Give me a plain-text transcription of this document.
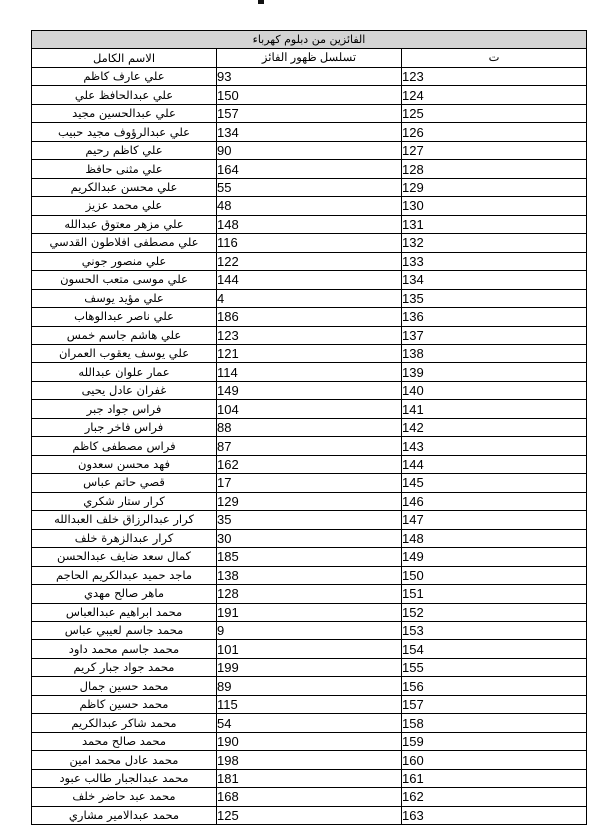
الفائزين من دبلوم كهرباء		
ت	تسلسل ظهور الفائز	الاسم الكامل
123	93	علي عارف كاظم
124	150	علي عبدالحافظ علي
125	157	علي عبدالحسين مجيد
126	134	علي عبدالرؤوف مجيد حبيب
127	90	علي كاظم رحيم
128	164	علي مثنى حافظ
129	55	علي محسن عبدالكريم
130	48	علي محمد عزيز
131	148	علي مزهر معتوق عبدالله
132	116	علي مصطفى افلاطون القدسي
133	122	علي منصور جوني
134	144	علي موسى متعب الحسون
135	4	علي مؤيد يوسف
136	186	علي ناصر عبدالوهاب
137	123	علي هاشم جاسم خمس
138	121	علي يوسف يعقوب العمران
139	114	عمار علوان عبدالله
140	149	غفران عادل يحيى
141	104	فراس جواد جبر
142	88	فراس فاخر جبار
143	87	فراس مصطفى كاظم
144	162	فهد محسن سعدون
145	17	قصي حاتم عباس
146	129	كرار ستار شكري
147	35	كرار عبدالرزاق خلف العبدالله
148	30	كرار عبدالزهرة خلف
149	185	كمال سعد ضايف عبدالحسن
150	138	ماجد حميد عبدالكريم الحاجم
151	128	ماهر صالح مهدي
152	191	محمد ابراهيم عبدالعباس
153	9	محمد جاسم لعيبي عباس
154	101	محمد جاسم محمد داود
155	199	محمد جواد جبار كريم
156	89	محمد حسين جمال
157	115	محمد حسين كاظم
158	54	محمد شاكر عبدالكريم
159	190	محمد صالح محمد
160	198	محمد عادل محمد امين
161	181	محمد عبدالجبار طالب عبود
162	168	محمد عبد حاضر خلف
163	125	محمد عبدالامير مشاري
